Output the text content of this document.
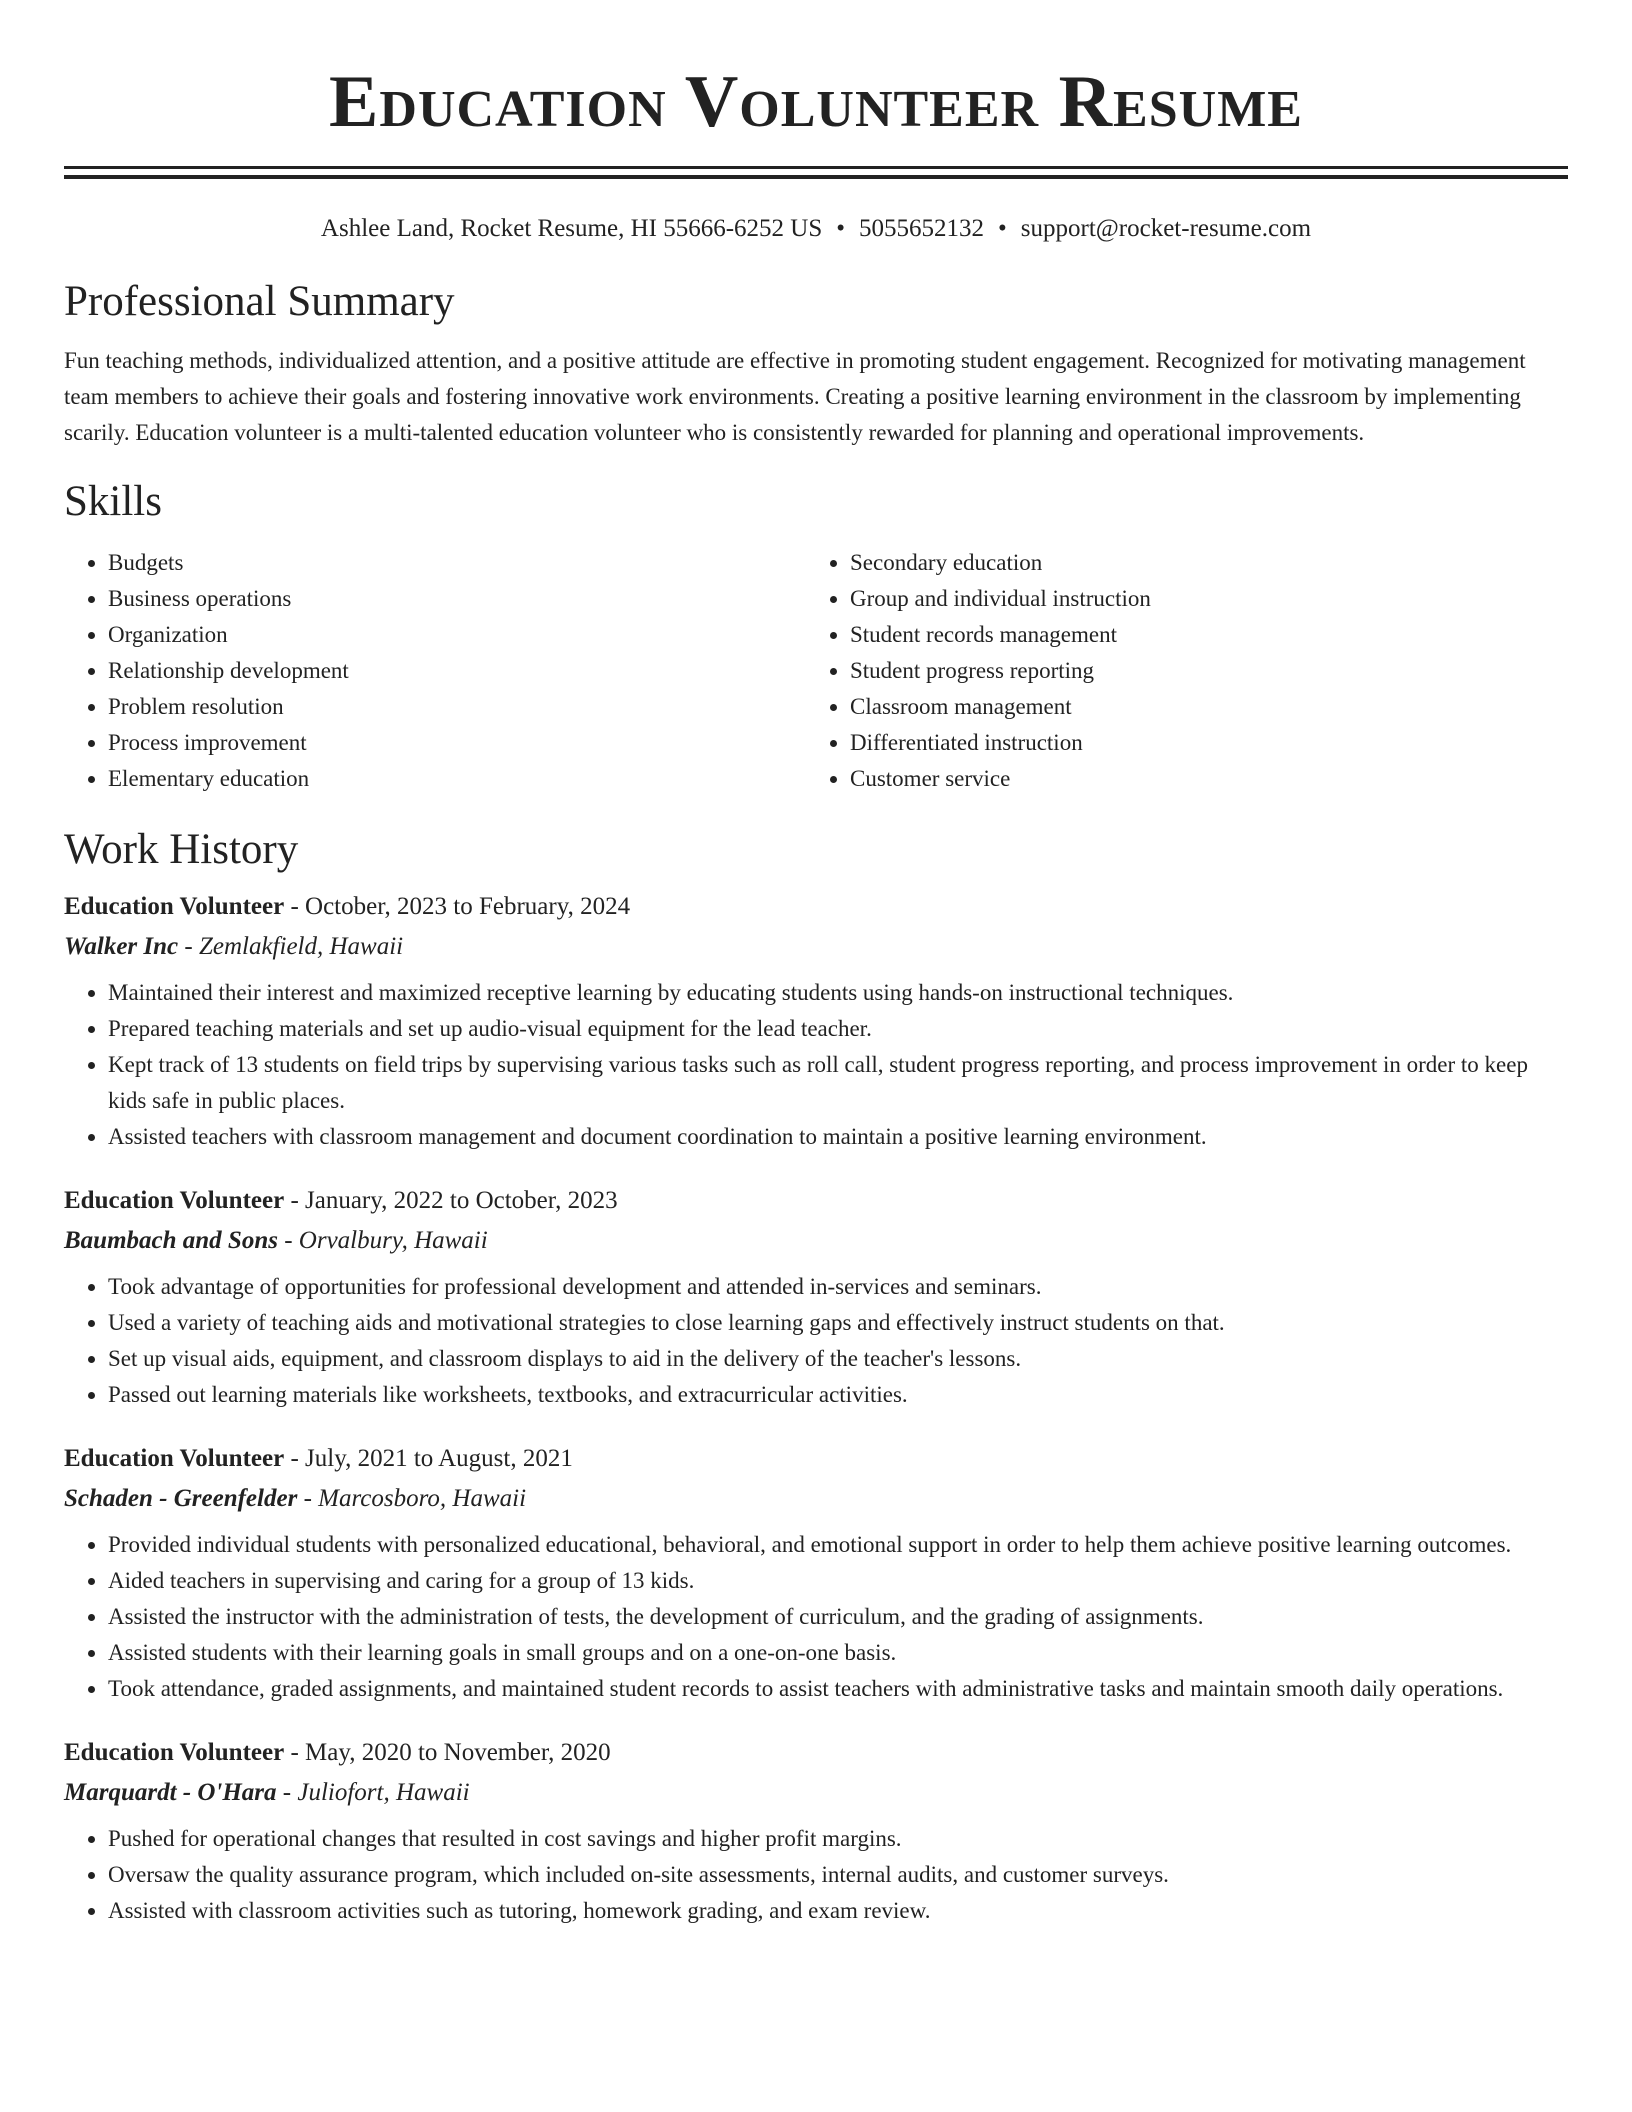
Education Volunteer Resume
Ashlee Land, Rocket Resume, HI 55666-6252 US • 5055652132 • support@rocket-resume.com
Professional Summary
Fun teaching methods, individualized attention, and a positive attitude are effective in promoting student engagement. Recognized for motivating management team members to achieve their goals and fostering innovative work environments. Creating a positive learning environment in the classroom by implementing scarily. Education volunteer is a multi-talented education volunteer who is consistently rewarded for planning and operational improvements.
Skills
• Budgets
• Business operations
• Organization
• Relationship development
• Problem resolution
• Process improvement
• Elementary education
• Secondary education
• Group and individual instruction
• Student records management
• Student progress reporting
• Classroom management
• Differentiated instruction
• Customer service
Work History
Education Volunteer - October, 2023 to February, 2024
Walker Inc - Zemlakfield, Hawaii
• Maintained their interest and maximized receptive learning by educating students using hands-on instructional techniques.
• Prepared teaching materials and set up audio-visual equipment for the lead teacher.
• Kept track of 13 students on field trips by supervising various tasks such as roll call, student progress reporting, and process improvement in order to keep kids safe in public places.
• Assisted teachers with classroom management and document coordination to maintain a positive learning environment.
Education Volunteer - January, 2022 to October, 2023
Baumbach and Sons - Orvalbury, Hawaii
• Took advantage of opportunities for professional development and attended in-services and seminars.
• Used a variety of teaching aids and motivational strategies to close learning gaps and effectively instruct students on that.
• Set up visual aids, equipment, and classroom displays to aid in the delivery of the teacher's lessons.
• Passed out learning materials like worksheets, textbooks, and extracurricular activities.
Education Volunteer - July, 2021 to August, 2021
Schaden - Greenfelder - Marcosboro, Hawaii
• Provided individual students with personalized educational, behavioral, and emotional support in order to help them achieve positive learning outcomes.
• Aided teachers in supervising and caring for a group of 13 kids.
• Assisted the instructor with the administration of tests, the development of curriculum, and the grading of assignments.
• Assisted students with their learning goals in small groups and on a one-on-one basis.
• Took attendance, graded assignments, and maintained student records to assist teachers with administrative tasks and maintain smooth daily operations.
Education Volunteer - May, 2020 to November, 2020
Marquardt - O'Hara - Juliofort, Hawaii
• Pushed for operational changes that resulted in cost savings and higher profit margins.
• Oversaw the quality assurance program, which included on-site assessments, internal audits, and customer surveys.
• Assisted with classroom activities such as tutoring, homework grading, and exam review.
